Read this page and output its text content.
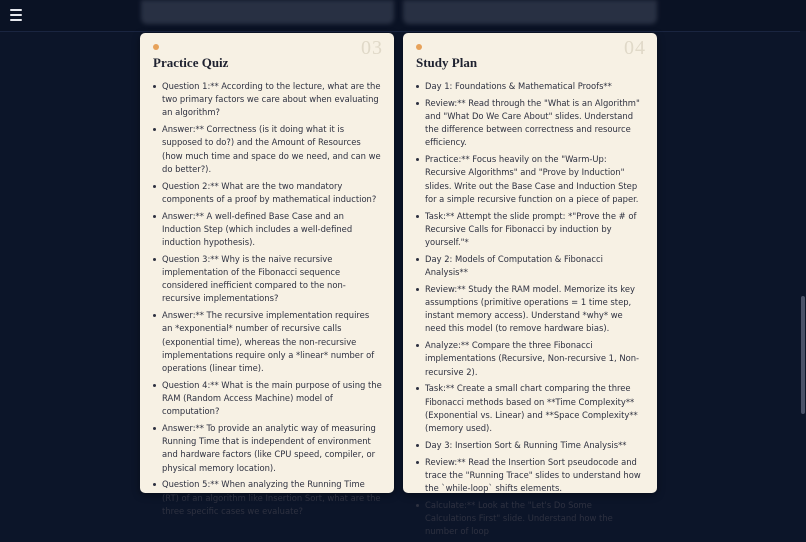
03
Practice Quiz
Question 1:** According to the lecture, what are the two primary factors we care about when evaluating an algorithm?
Answer:** Correctness (is it doing what it is supposed to do?) and the Amount of Resources (how much time and space do we need, and can we do better?).
Question 2:** What are the two mandatory components of a proof by mathematical induction?
Answer:** A well-defined Base Case and an Induction Step (which includes a well-defined induction hypothesis).
Question 3:** Why is the naive recursive implementation of the Fibonacci sequence considered inefficient compared to the non-recursive implementations?
Answer:** The recursive implementation requires an *exponential* number of recursive calls (exponential time), whereas the non-recursive implementations require only a *linear* number of operations (linear time).
Question 4:** What is the main purpose of using the RAM (Random Access Machine) model of computation?
Answer:** To provide an analytic way of measuring Running Time that is independent of environment and hardware factors (like CPU speed, compiler, or physical memory location).
Question 5:** When analyzing the Running Time (RT) of an algorithm like Insertion Sort, what are the three specific cases we evaluate?
04
Study Plan
Day 1: Foundations & Mathematical Proofs**
Review:** Read through the "What is an Algorithm" and "What Do We Care About" slides. Understand the difference between correctness and resource efficiency.
Practice:** Focus heavily on the "Warm-Up: Recursive Algorithms" and "Prove by Induction" slides. Write out the Base Case and Induction Step for a simple recursive function on a piece of paper.
Task:** Attempt the slide prompt: *"Prove the # of Recursive Calls for Fibonacci by induction by yourself."*
Day 2: Models of Computation & Fibonacci Analysis**
Review:** Study the RAM model. Memorize its key assumptions (primitive operations = 1 time step, instant memory access). Understand *why* we need this model (to remove hardware bias).
Analyze:** Compare the three Fibonacci implementations (Recursive, Non-recursive 1, Non-recursive 2).
Task:** Create a small chart comparing the three Fibonacci methods based on **Time Complexity** (Exponential vs. Linear) and **Space Complexity** (memory used).
Day 3: Insertion Sort & Running Time Analysis**
Review:** Read the Insertion Sort pseudocode and trace the "Running Trace" slides to understand how the `while-loop` shifts elements.
Calculate:** Look at the "Let's Do Some Calculations First" slide. Understand how the number of loop
